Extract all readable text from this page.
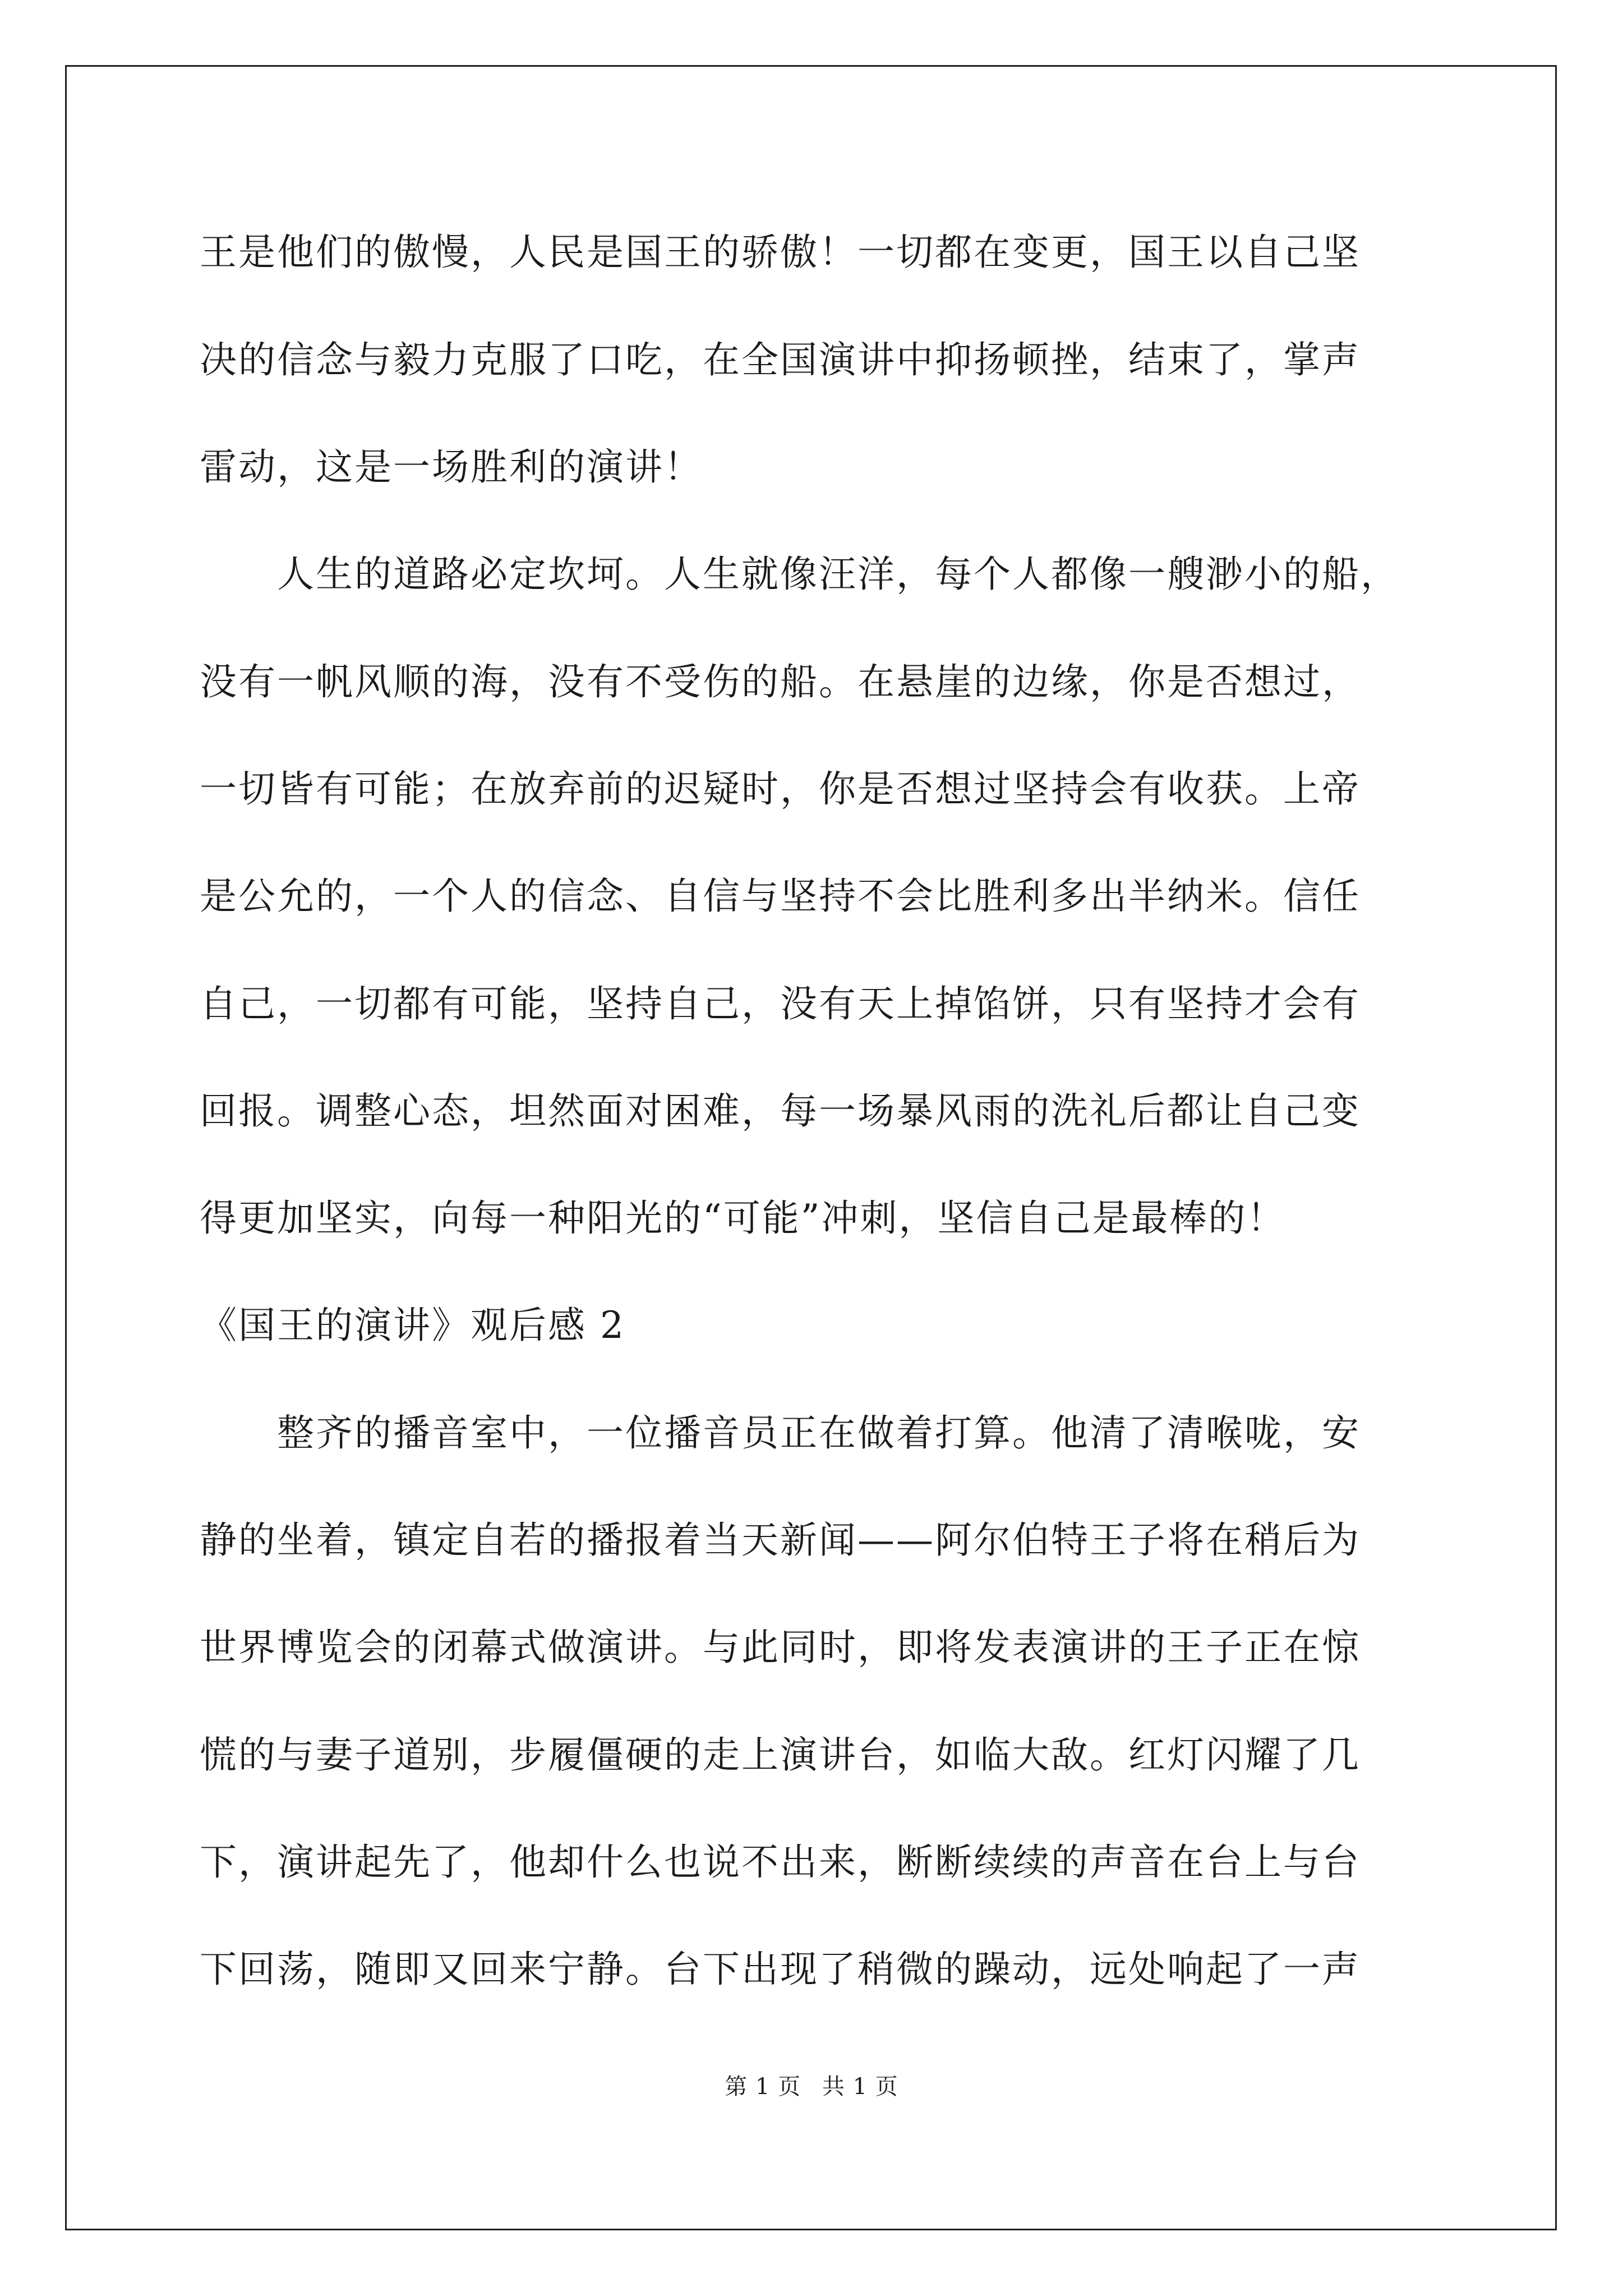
王是他们的傲慢，人民是国王的骄傲！一切都在变更，国王以自己坚
决的信念与毅力克服了口吃，在全国演讲中抑扬顿挫，结束了，掌声
雷动，这是一场胜利的演讲！
　　人生的道路必定坎坷。人生就像汪洋，每个人都像一艘渺小的船，
没有一帆风顺的海，没有不受伤的船。在悬崖的边缘，你是否想过，
一切皆有可能；在放弃前的迟疑时，你是否想过坚持会有收获。上帝
是公允的，一个人的信念、自信与坚持不会比胜利多出半纳米。信任
自己，一切都有可能，坚持自己，没有天上掉馅饼，只有坚持才会有
回报。调整心态，坦然面对困难，每一场暴风雨的洗礼后都让自己变
得更加坚实，向每一种阳光的“可能”冲刺，坚信自己是最棒的！
《国王的演讲》观后感 2
　　整齐的播音室中，一位播音员正在做着打算。他清了清喉咙，安
静的坐着，镇定自若的播报着当天新闻——阿尔伯特王子将在稍后为
世界博览会的闭幕式做演讲。与此同时，即将发表演讲的王子正在惊
慌的与妻子道别，步履僵硬的走上演讲台，如临大敌。红灯闪耀了几
下，演讲起先了，他却什么也说不出来，断断续续的声音在台上与台
下回荡，随即又回来宁静。台下出现了稍微的躁动，远处响起了一声
第 1 页 共 1 页
